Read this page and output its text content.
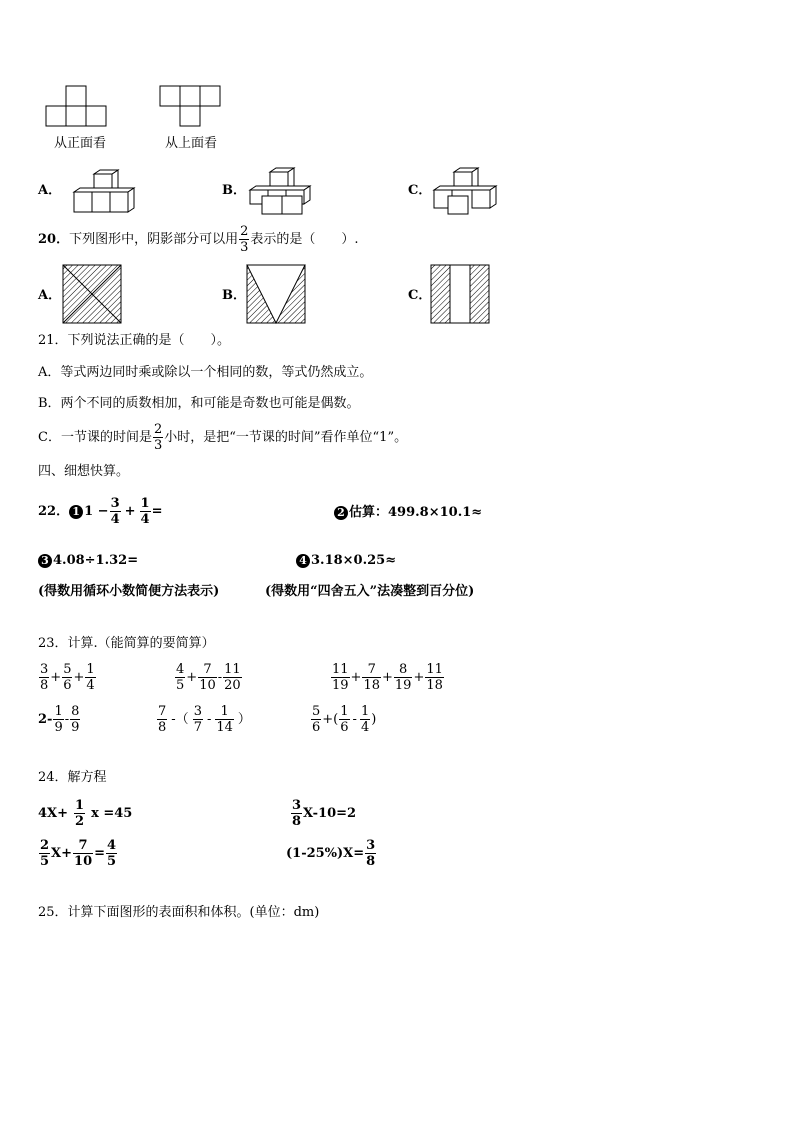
从正面看	从上面看
A．	B．	C．
20． 下列图形中，阴影部分可以用 $\frac{2}{3}$ 表示的是（　　）.
A．	B．	C．
21．下列说法正确的是（　　）。
A．等式两边同时乘或除以一个相同的数，等式仍然成立。
B．两个不同的质数相加，和可能是奇数也可能是偶数。
C．一节课的时间是 $\frac{2}{3}$ 小时，是把“一节课的时间”看作单位“1”。
四、细想快算。
22． 1 $1 - \frac{3}{4} + \frac{1}{4}$ =	2 估算：499.8×10.1≈
3 4.08÷1.32=	4 3.18×0.25≈
(得数用循环小数简便方法表示)	(得数用“四舍五入”法凑整到百分位)
23．计算.（能简算的要简算）
$\frac{3}{8} + \frac{5}{6} + \frac{1}{4}$	$\frac{4}{5} + \frac{7}{10} - \frac{11}{20}$	$\frac{11}{19} + \frac{7}{18} + \frac{8}{19} + \frac{11}{18}$
$2- \frac{1}{9} - \frac{8}{9}$	$\frac{7}{8}$ -（ $\frac{3}{7} - \frac{1}{14}$ ）	$\frac{5}{6}$ +( $\frac{1}{6} - \frac{1}{4}$ )
24．解方程
$4X+ \frac{1}{2}$ x =45	$\frac{3}{8} X-10=2$
$\frac{2}{5} X+ \frac{7}{10} = \frac{4}{5}$	$(1-25\%)X= \frac{3}{8}$
25．计算下面图形的表面积和体积。(单位：dm)
